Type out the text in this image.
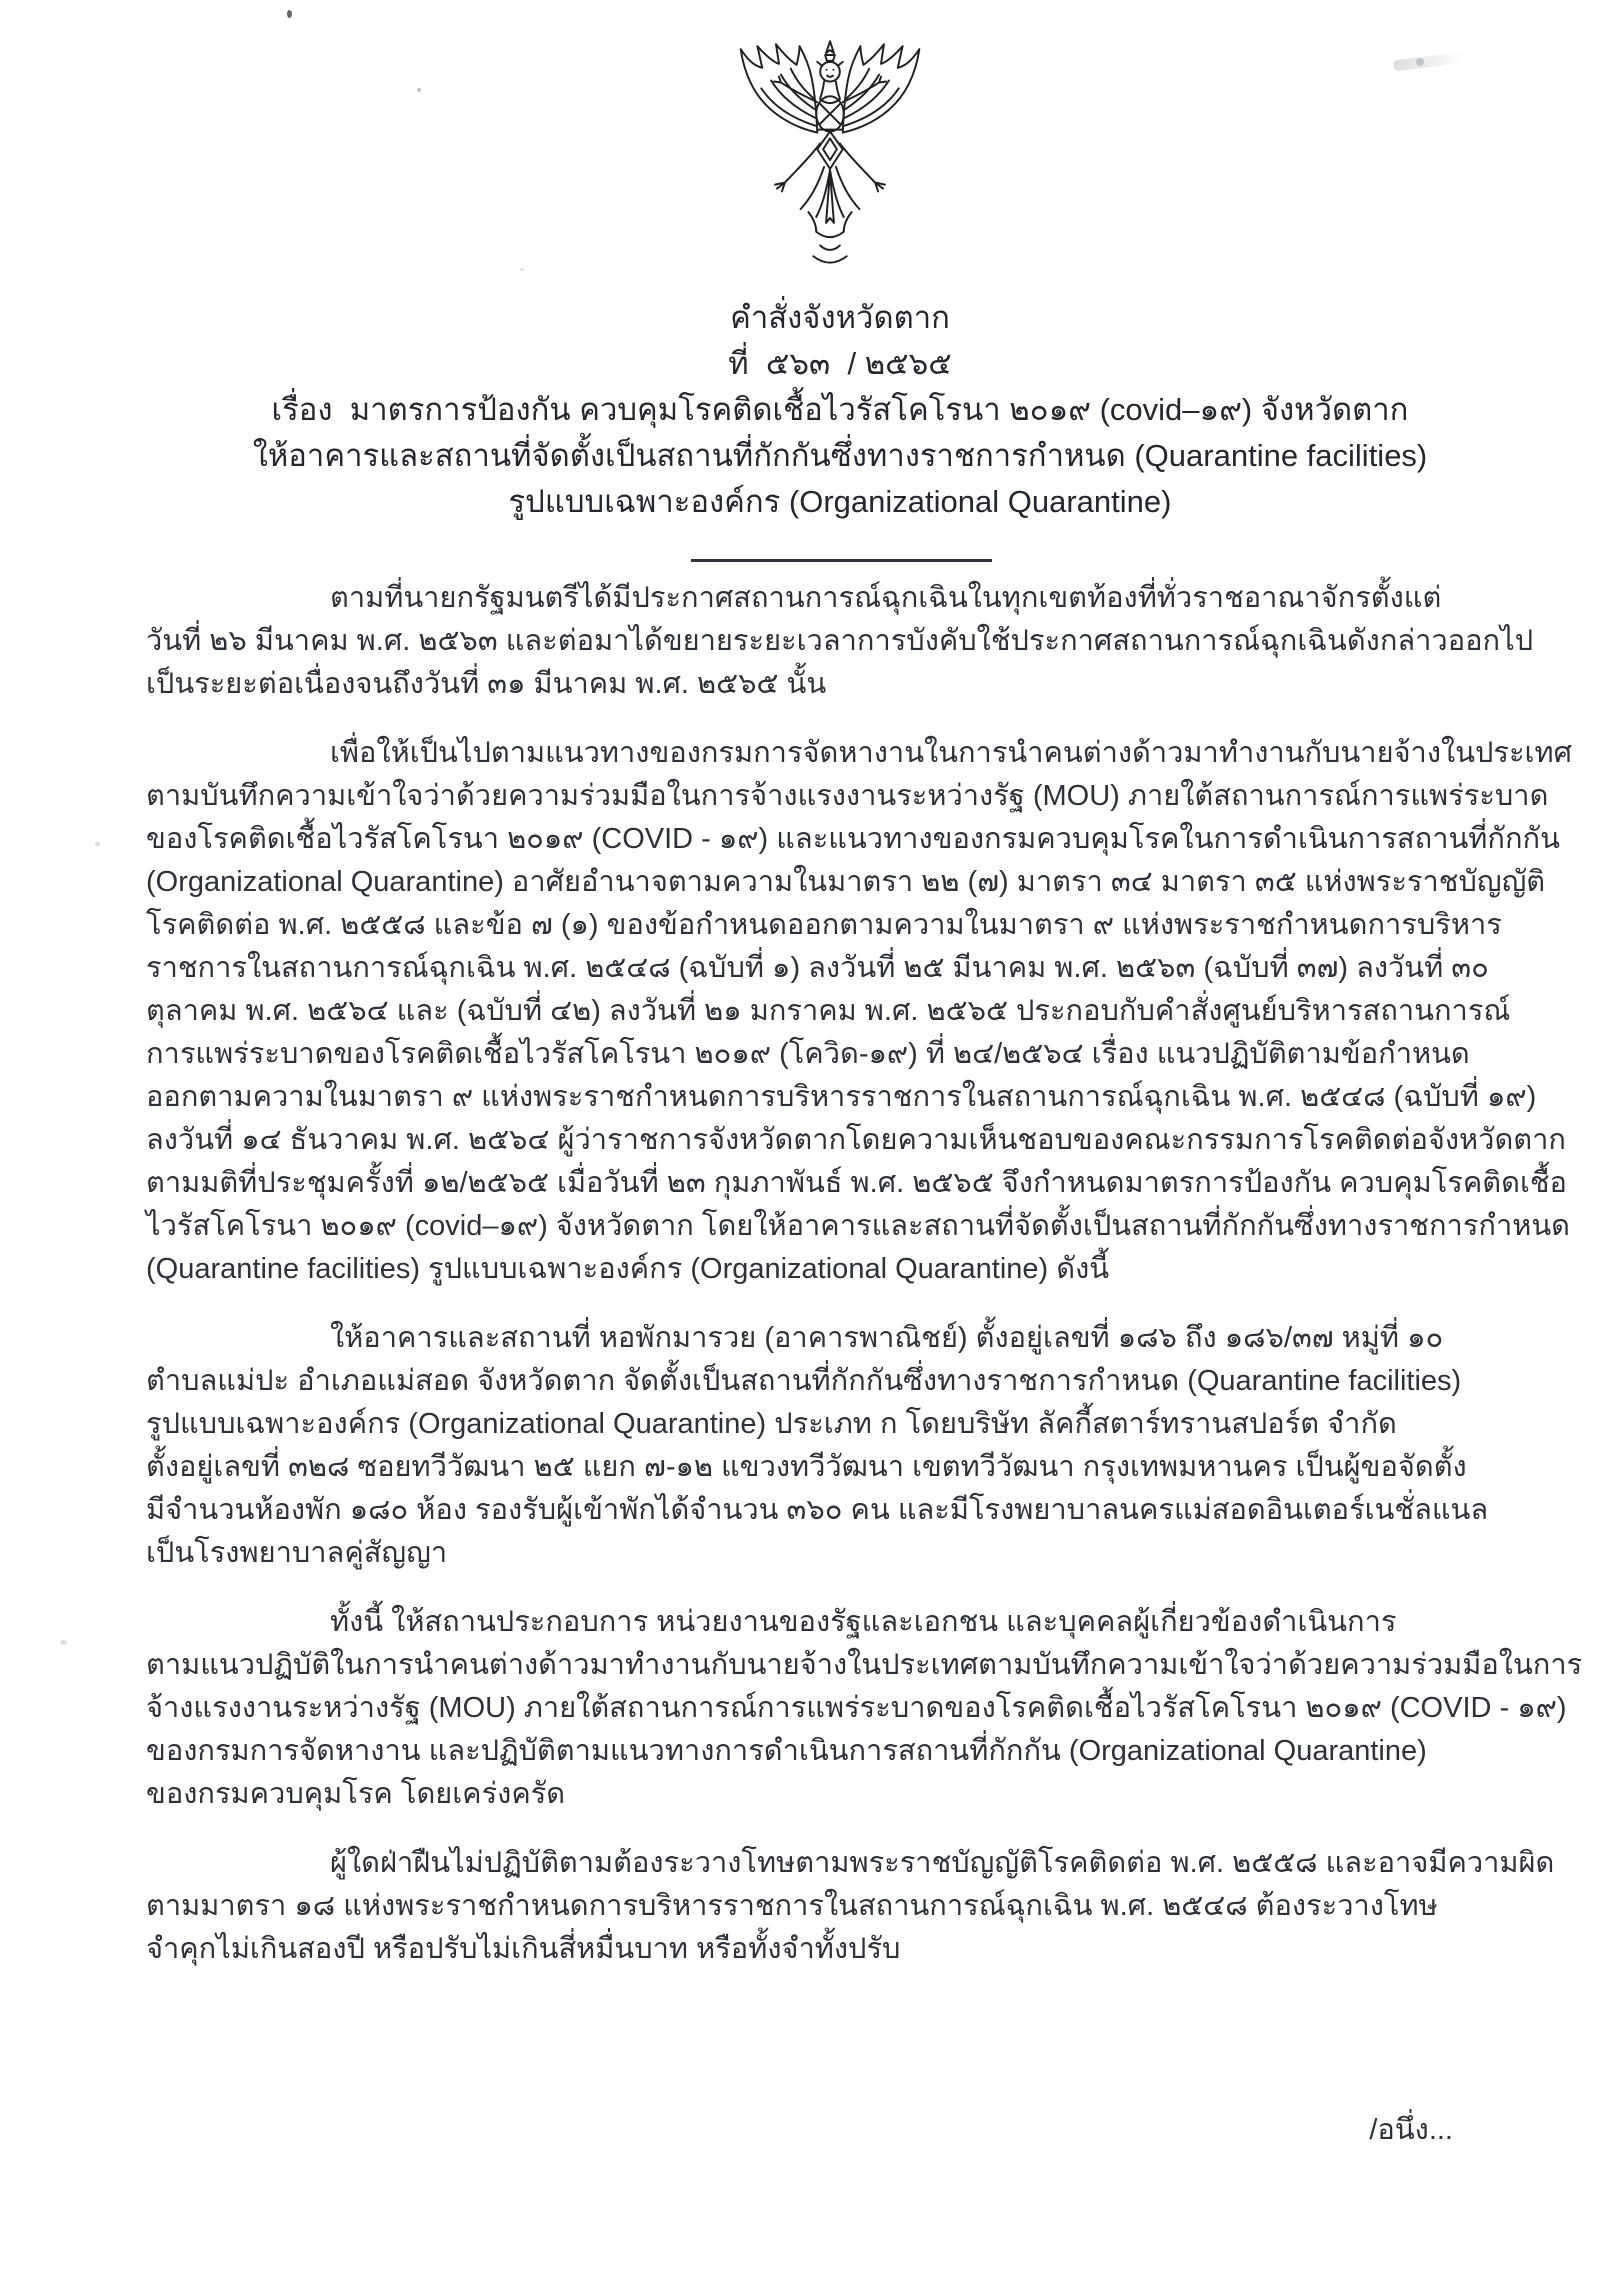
คำสั่งจังหวัดตาก
ที่  ๕๖๓  / ๒๕๖๕
เรื่อง  มาตรการป้องกัน ควบคุมโรคติดเชื้อไวรัสโคโรนา ๒๐๑๙ (covid–๑๙) จังหวัดตาก
ให้อาคารและสถานที่จัดตั้งเป็นสถานที่กักกันซึ่งทางราชการกำหนด (Quarantine facilities)
รูปแบบเฉพาะองค์กร (Organizational Quarantine)
ตามที่นายกรัฐมนตรีได้มีประกาศสถานการณ์ฉุกเฉินในทุกเขตท้องที่ทั่วราชอาณาจักรตั้งแต่
วันที่ ๒๖ มีนาคม พ.ศ. ๒๕๖๓ และต่อมาได้ขยายระยะเวลาการบังคับใช้ประกาศสถานการณ์ฉุกเฉินดังกล่าวออกไป
เป็นระยะต่อเนื่องจนถึงวันที่ ๓๑ มีนาคม พ.ศ. ๒๕๖๕ นั้น
เพื่อให้เป็นไปตามแนวทางของกรมการจัดหางานในการนำคนต่างด้าวมาทำงานกับนายจ้างในประเทศ
ตามบันทึกความเข้าใจว่าด้วยความร่วมมือในการจ้างแรงงานระหว่างรัฐ (MOU) ภายใต้สถานการณ์การแพร่ระบาด
ของโรคติดเชื้อไวรัสโคโรนา ๒๐๑๙ (COVID - ๑๙) และแนวทางของกรมควบคุมโรคในการดำเนินการสถานที่กักกัน
(Organizational Quarantine) อาศัยอำนาจตามความในมาตรา ๒๒ (๗) มาตรา ๓๔ มาตรา ๓๕ แห่งพระราชบัญญัติ
โรคติดต่อ พ.ศ. ๒๕๕๘ และข้อ ๗ (๑) ของข้อกำหนดออกตามความในมาตรา ๙ แห่งพระราชกำหนดการบริหาร
ราชการในสถานการณ์ฉุกเฉิน พ.ศ. ๒๕๔๘ (ฉบับที่ ๑) ลงวันที่ ๒๕ มีนาคม พ.ศ. ๒๕๖๓ (ฉบับที่ ๓๗) ลงวันที่ ๓๐
ตุลาคม พ.ศ. ๒๕๖๔ และ (ฉบับที่ ๔๒) ลงวันที่ ๒๑ มกราคม พ.ศ. ๒๕๖๕ ประกอบกับคำสั่งศูนย์บริหารสถานการณ์
การแพร่ระบาดของโรคติดเชื้อไวรัสโคโรนา ๒๐๑๙ (โควิด-๑๙) ที่ ๒๔/๒๕๖๔ เรื่อง แนวปฏิบัติตามข้อกำหนด
ออกตามความในมาตรา ๙ แห่งพระราชกำหนดการบริหารราชการในสถานการณ์ฉุกเฉิน พ.ศ. ๒๕๔๘ (ฉบับที่ ๑๙)
ลงวันที่ ๑๔ ธันวาคม พ.ศ. ๒๕๖๔ ผู้ว่าราชการจังหวัดตากโดยความเห็นชอบของคณะกรรมการโรคติดต่อจังหวัดตาก
ตามมติที่ประชุมครั้งที่ ๑๒/๒๕๖๕ เมื่อวันที่ ๒๓ กุมภาพันธ์ พ.ศ. ๒๕๖๕ จึงกำหนดมาตรการป้องกัน ควบคุมโรคติดเชื้อ
ไวรัสโคโรนา ๒๐๑๙ (covid–๑๙) จังหวัดตาก โดยให้อาคารและสถานที่จัดตั้งเป็นสถานที่กักกันซึ่งทางราชการกำหนด
(Quarantine facilities) รูปแบบเฉพาะองค์กร (Organizational Quarantine) ดังนี้
ให้อาคารและสถานที่ หอพักมารวย (อาคารพาณิชย์) ตั้งอยู่เลขที่ ๑๘๖ ถึง ๑๘๖/๓๗ หมู่ที่ ๑๐
ตำบลแม่ปะ อำเภอแม่สอด จังหวัดตาก จัดตั้งเป็นสถานที่กักกันซึ่งทางราชการกำหนด (Quarantine facilities)
รูปแบบเฉพาะองค์กร (Organizational Quarantine) ประเภท ก โดยบริษัท ลัคกี้สตาร์ทรานสปอร์ต จำกัด
ตั้งอยู่เลขที่ ๓๒๘ ซอยทวีวัฒนา ๒๕ แยก ๗-๑๒ แขวงทวีวัฒนา เขตทวีวัฒนา กรุงเทพมหานคร เป็นผู้ขอจัดตั้ง
มีจำนวนห้องพัก ๑๘๐ ห้อง รองรับผู้เข้าพักได้จำนวน ๓๖๐ คน และมีโรงพยาบาลนครแม่สอดอินเตอร์เนชั่ลแนล
เป็นโรงพยาบาลคู่สัญญา
ทั้งนี้ ให้สถานประกอบการ หน่วยงานของรัฐและเอกชน และบุคคลผู้เกี่ยวข้องดำเนินการ
ตามแนวปฏิบัติในการนำคนต่างด้าวมาทำงานกับนายจ้างในประเทศตามบันทึกความเข้าใจว่าด้วยความร่วมมือในการ
จ้างแรงงานระหว่างรัฐ (MOU) ภายใต้สถานการณ์การแพร่ระบาดของโรคติดเชื้อไวรัสโคโรนา ๒๐๑๙ (COVID - ๑๙)
ของกรมการจัดหางาน และปฏิบัติตามแนวทางการดำเนินการสถานที่กักกัน (Organizational Quarantine)
ของกรมควบคุมโรค โดยเคร่งครัด
ผู้ใดฝ่าฝืนไม่ปฏิบัติตามต้องระวางโทษตามพระราชบัญญัติโรคติดต่อ พ.ศ. ๒๕๕๘ และอาจมีความผิด
ตามมาตรา ๑๘ แห่งพระราชกำหนดการบริหารราชการในสถานการณ์ฉุกเฉิน พ.ศ. ๒๕๔๘ ต้องระวางโทษ
จำคุกไม่เกินสองปี หรือปรับไม่เกินสี่หมื่นบาท หรือทั้งจำทั้งปรับ
/อนึ่ง...
